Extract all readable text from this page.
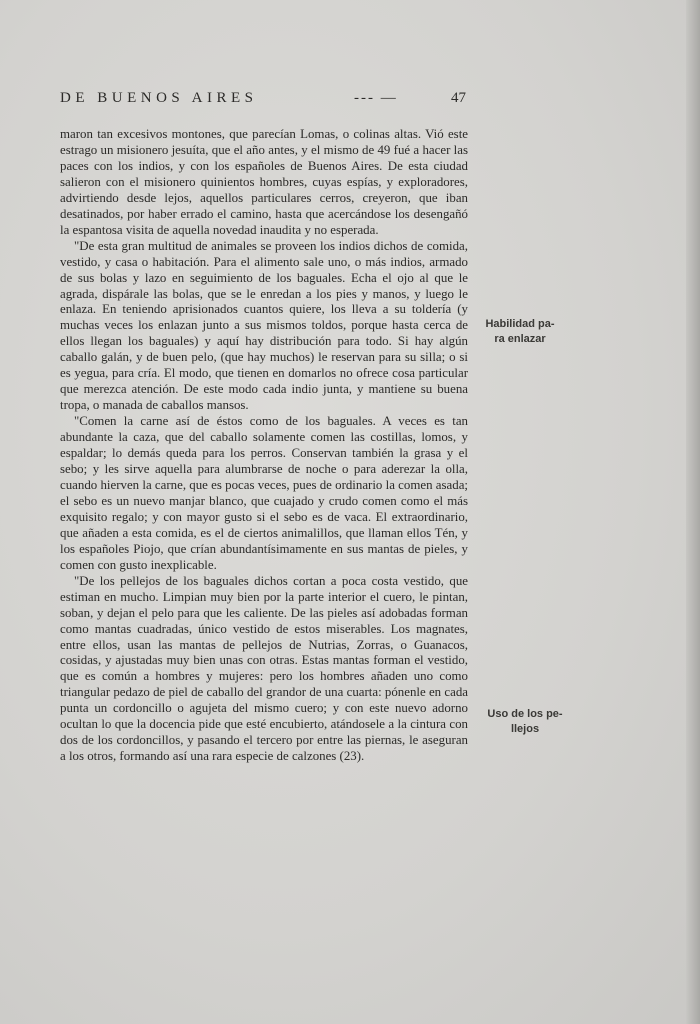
DE BUENOS AIRES	--- —	47

maron tan excesivos montones, que parecían Lomas, o colinas altas. Vió este estrago un misionero jesuíta, que el año antes, y el mismo de 49 fué a hacer las paces con los indios, y con los españoles de Buenos Aires. De esta ciudad salieron con el misionero quinientos hombres, cuyas espías, y exploradores, advirtiendo desde lejos, aquellos particulares cerros, creyeron, que iban desatinados, por haber errado el camino, hasta que acercándose los desengañó la espantosa visita de aquella novedad inaudita y no esperada.

"De esta gran multitud de animales se proveen los indios dichos de comida, vestido, y casa o habitación. Para el alimento sale uno, o más indios, armado de sus bolas y lazo en seguimiento de los baguales. Echa el ojo al que le agrada, dispárale las bolas, que se le enredan a los pies y manos, y luego le enlaza. En teniendo aprisionados cuantos quiere, los lleva a su toldería (y muchas veces los enlazan junto a sus mismos toldos, porque hasta cerca de ellos llegan los baguales) y aquí hay distribución para todo. Si hay algún caballo galán, y de buen pelo, (que hay muchos) le reservan para su silla; o si es yegua, para cría. El modo, que tienen en domarlos no ofrece cosa particular que merezca atención. De este modo cada indio junta, y mantiene su buena tropa, o manada de caballos mansos.

"Comen la carne así de éstos como de los baguales. A veces es tan abundante la caza, que del caballo solamente comen las costillas, lomos, y espaldar; lo demás queda para los perros. Conservan también la grasa y el sebo; y les sirve aquella para alumbrarse de noche o para aderezar la olla, cuando hierven la carne, que es pocas veces, pues de ordinario la comen asada; el sebo es un nuevo manjar blanco, que cuajado y crudo comen como el más exquisito regalo; y con mayor gusto si el sebo es de vaca. El extraordinario, que añaden a esta comida, es el de ciertos animalillos, que llaman ellos Tén, y los españoles Piojo, que crían abundantísimamente en sus mantas de pieles, y comen con gusto inexplicable.

"De los pellejos de los baguales dichos cortan a poca costa vestido, que estiman en mucho. Limpian muy bien por la parte interior el cuero, le pintan, soban, y dejan el pelo para que les caliente. De las pieles así adobadas forman como mantas cuadradas, único vestido de estos miserables. Los magnates, entre ellos, usan las mantas de pellejos de Nutrias, Zorras, o Guanacos, cosidas, y ajustadas muy bien unas con otras. Estas mantas forman el vestido, que es común a hombres y mujeres: pero los hombres añaden uno como triangular pedazo de piel de caballo del grandor de una cuarta: pónenle en cada punta un cordoncillo o agujeta del mismo cuero; y con este nuevo adorno ocultan lo que la docencia pide que esté encubierto, atándosele a la cintura con dos de los cordoncillos, y pasando el tercero por entre las piernas, le aseguran a los otros, formando así una rara especie de calzones (23).

Habilidad pa-
ra enlazar
Uso de los pe-
llejos
